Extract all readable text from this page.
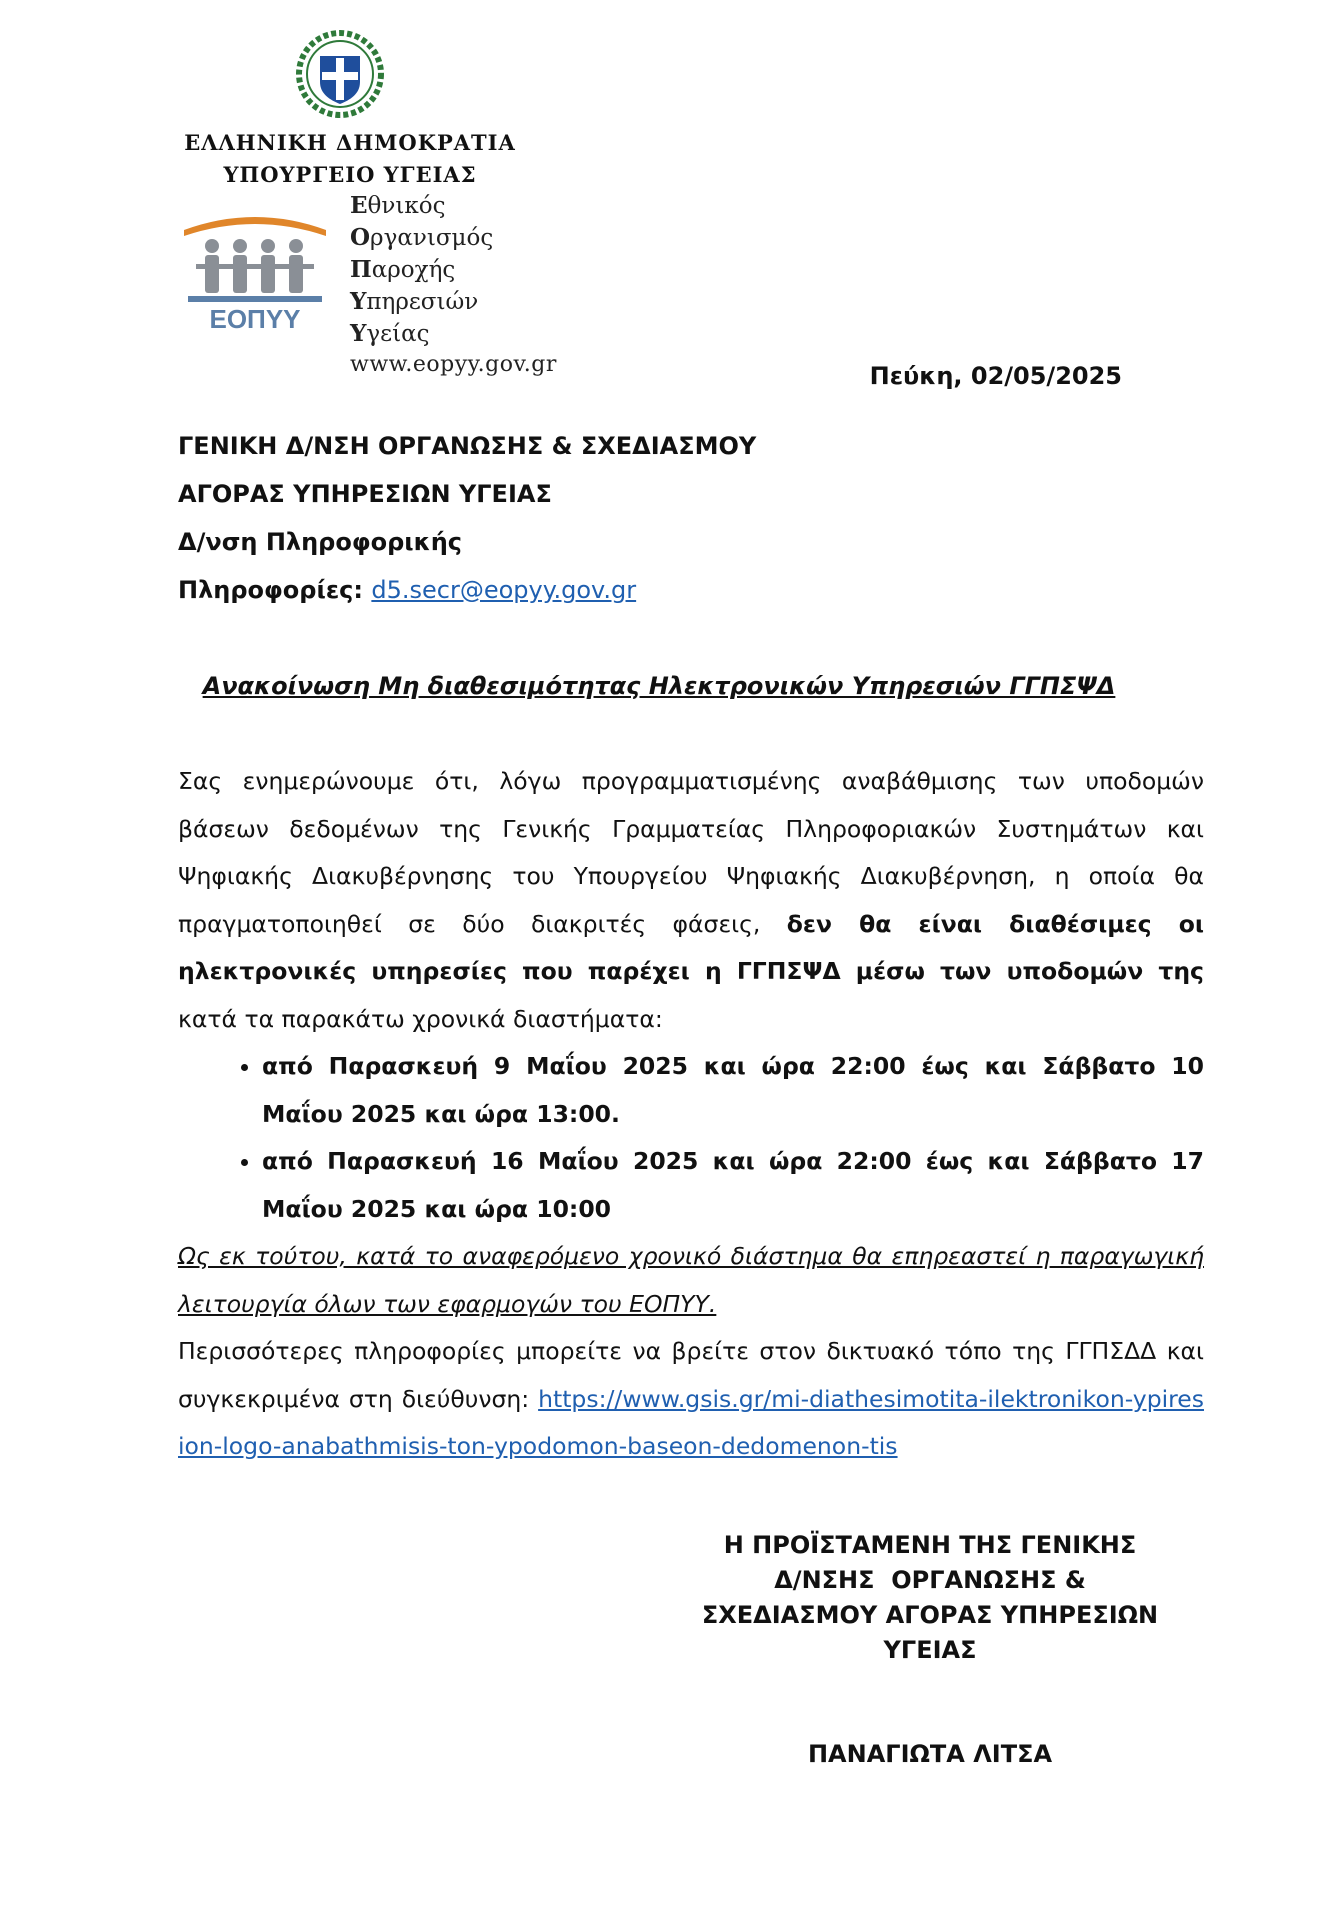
ΕΛΛΗΝΙΚΗ ΔΗΜΟΚΡΑΤΙΑ
ΥΠΟΥΡΓΕΙΟ ΥΓΕΙΑΣ
ΕΟΠΥΥ
Εθνικός
Οργανισμός
Παροχής
Υπηρεσιών
Υγείας
www.eopyy.gov.gr	Πεύκη, 02/05/2025
ΓΕΝΙΚΗ Δ/ΝΣΗ ΟΡΓΑΝΩΣΗΣ & ΣΧΕΔΙΑΣΜΟΥ
ΑΓΟΡΑΣ ΥΠΗΡΕΣΙΩΝ ΥΓΕΙΑΣ
Δ/νση Πληροφορικής
Πληροφορίες: d5.secr@eopyy.gov.gr
Ανακοίνωση Μη διαθεσιμότητας Ηλεκτρονικών Υπηρεσιών ΓΓΠΣΨΔ

Σας ενημερώνουμε ότι, λόγω προγραμματισμένης αναβάθμισης των υποδομών βάσεων δεδομένων της Γενικής Γραμματείας Πληροφοριακών Συστημάτων και Ψηφιακής Διακυβέρνησης του Υπουργείου Ψηφιακής Διακυβέρνηση, η οποία θα πραγματοποιηθεί σε δύο διακριτές φάσεις, δεν θα είναι διαθέσιμες οι ηλεκτρονικές υπηρεσίες που παρέχει η ΓΓΠΣΨΔ μέσω των υποδομών της κατά τα παρακάτω χρονικά διαστήματα:

• από Παρασκευή 9 Μαΐου 2025 και ώρα 22:00 έως και Σάββατο 10 Μαΐου 2025 και ώρα 13:00.
• από Παρασκευή 16 Μαΐου 2025 και ώρα 22:00 έως και Σάββατο 17 Μαΐου 2025 και ώρα 10:00

Ως εκ τούτου, κατά το αναφερόμενο χρονικό διάστημα θα επηρεαστεί η παραγωγική λειτουργία όλων των εφαρμογών του ΕΟΠΥΥ.

Περισσότερες πληροφορίες μπορείτε να βρείτε στον δικτυακό τόπο της ΓΓΠΣΔΔ και συγκεκριμένα στη διεύθυνση: https://www.gsis.gr/mi-diathesimotita-ilektronikon-ypiresion-logo-anabathmisis-ton-ypodomon-baseon-dedomenon-tis

Η ΠΡΟΪΣΤΑΜΕΝΗ ΤΗΣ ΓΕΝΙΚΗΣ
Δ/ΝΣΗΣ  ΟΡΓΑΝΩΣΗΣ &
ΣΧΕΔΙΑΣΜΟΥ ΑΓΟΡΑΣ ΥΠΗΡΕΣΙΩΝ
ΥΓΕΙΑΣ
ΠΑΝΑΓΙΩΤΑ ΛΙΤΣΑ
